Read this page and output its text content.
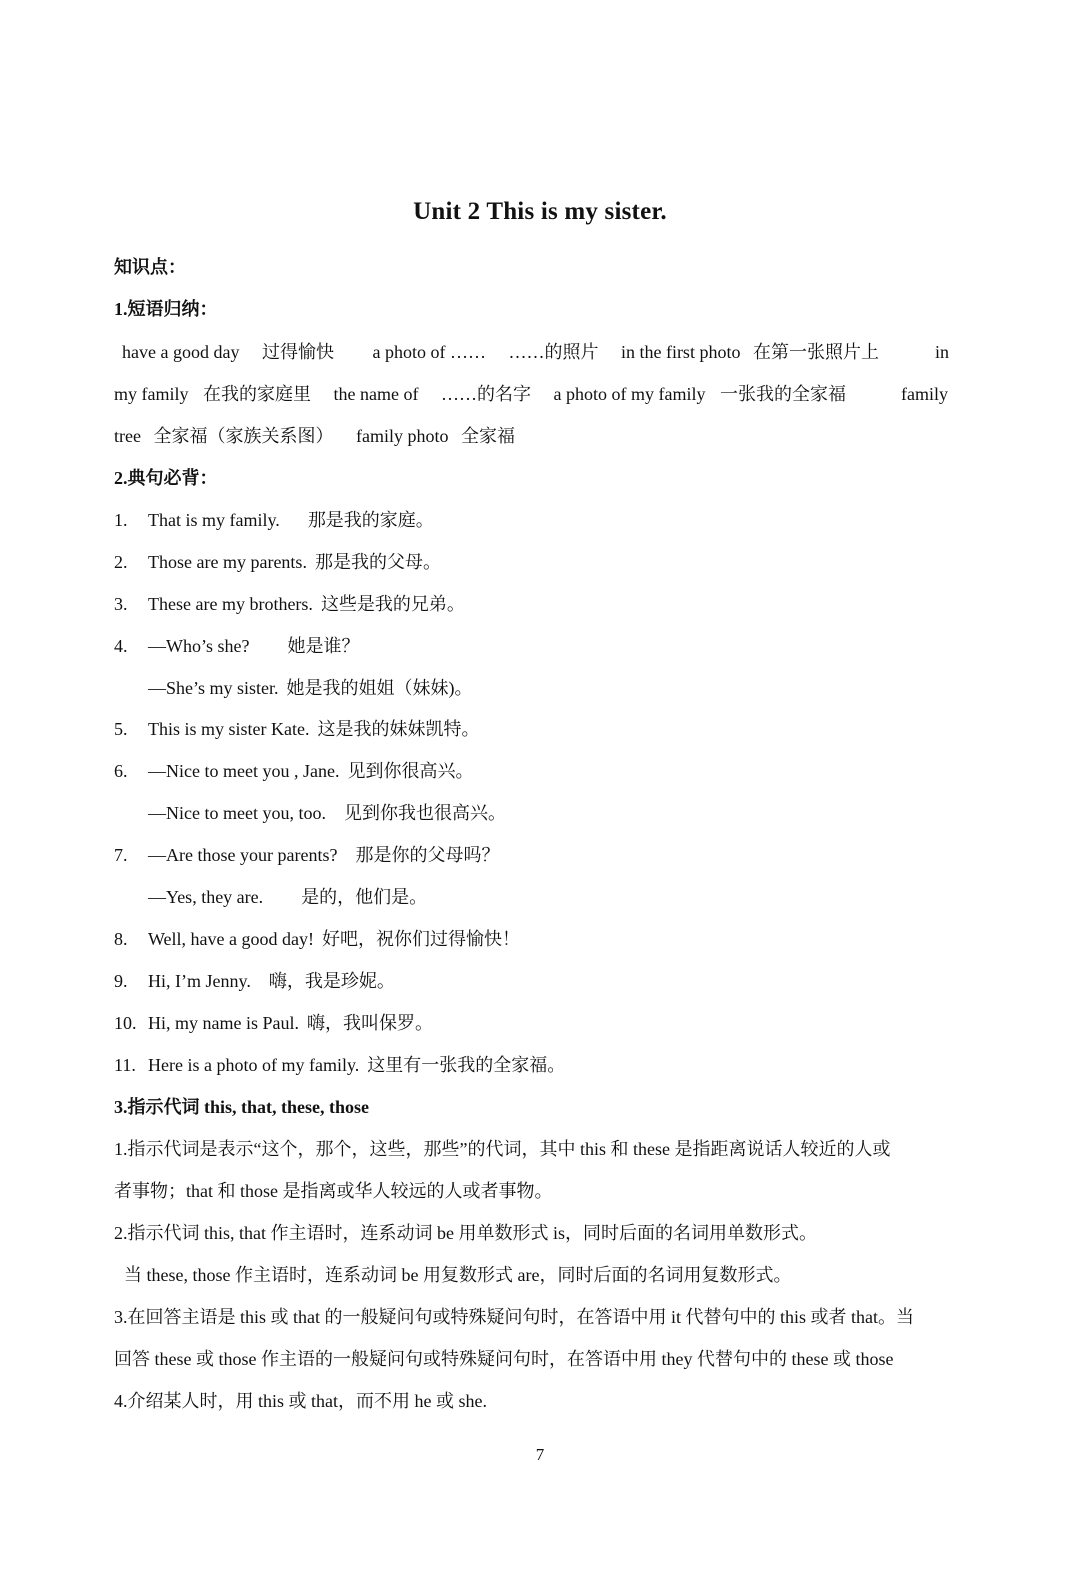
Unit 2 This is my sister.
知识点：
1.短语归纳：
have a good day 过得愉快 a photo of …… ……的照片 in the first photo 在第一张照片上	in
my family 在我的家庭里 the name of ……的名字 a photo of my family 一张我的全家福	family
tree 全家福（家族关系图） family photo 全家福
2.典句必背：
1. That is my family. 那是我的家庭。
2. Those are my parents. 那是我的父母。
3. These are my brothers. 这些是我的兄弟。
4. —Who’s she? 她是谁？
—She’s my sister. 她是我的姐姐（妹妹)。
5. This is my sister Kate. 这是我的妹妹凯特。
6. —Nice to meet you , Jane. 见到你很高兴。
—Nice to meet you, too. 见到你我也很高兴。
7. —Are those your parents? 那是你的父母吗？
—Yes, they are. 是的，他们是。
8. Well, have a good day! 好吧，祝你们过得愉快！
9. Hi, I’m Jenny. 嗨，我是珍妮。
10. Hi, my name is Paul. 嗨，我叫保罗。
11. Here is a photo of my family. 这里有一张我的全家福。
3.指示代词 this, that, these, those
1.指示代词是表示“这个，那个，这些，那些”的代词，其中 this 和 these 是指距离说话人较近的人或
者事物；that 和 those 是指离或华人较远的人或者事物。
2.指示代词 this, that 作主语时，连系动词 be 用单数形式 is，同时后面的名词用单数形式。
当 these, those 作主语时，连系动词 be 用复数形式 are，同时后面的名词用复数形式。
3.在回答主语是 this 或 that 的一般疑问句或特殊疑问句时，在答语中用 it 代替句中的 this 或者 that。当
回答 these 或 those 作主语的一般疑问句或特殊疑问句时，在答语中用 they 代替句中的 these 或 those
4.介绍某人时，用 this 或 that，而不用 he 或 she.
7
